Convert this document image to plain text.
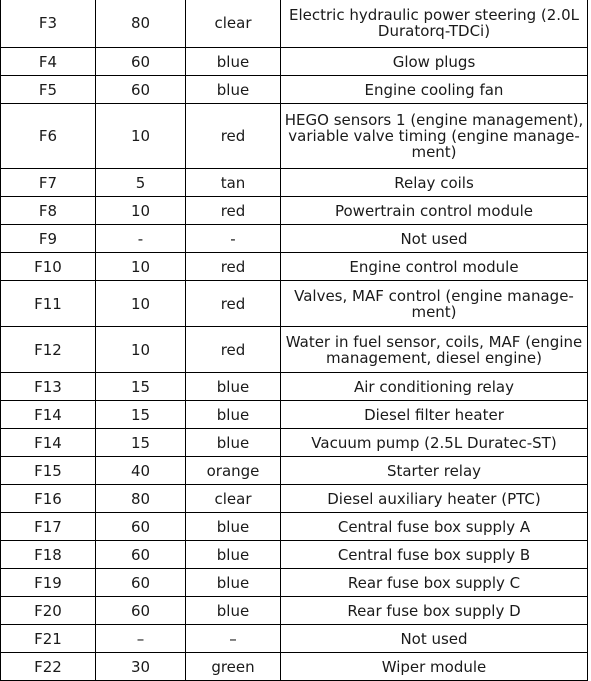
F3	80	clear	Electric hydraulic power steering (2.0L Duratorq-TDCi)
F4	60	blue	Glow plugs
F5	60	blue	Engine cooling fan
F6	10	red	HEGO sensors 1 (engine management), variable valve timing (engine manage-ment)
F7	5	tan	Relay coils
F8	10	red	Powertrain control module
F9	-	-	Not used
F10	10	red	Engine control module
F11	10	red	Valves, MAF control (engine manage-ment)
F12	10	red	Water in fuel sensor, coils, MAF (engine management, diesel engine)
F13	15	blue	Air conditioning relay
F14	15	blue	Diesel filter heater
F14	15	blue	Vacuum pump (2.5L Duratec-ST)
F15	40	orange	Starter relay
F16	80	clear	Diesel auxiliary heater (PTC)
F17	60	blue	Central fuse box supply A
F18	60	blue	Central fuse box supply B
F19	60	blue	Rear fuse box supply C
F20	60	blue	Rear fuse box supply D
F21	–	–	Not used
F22	30	green	Wiper module
